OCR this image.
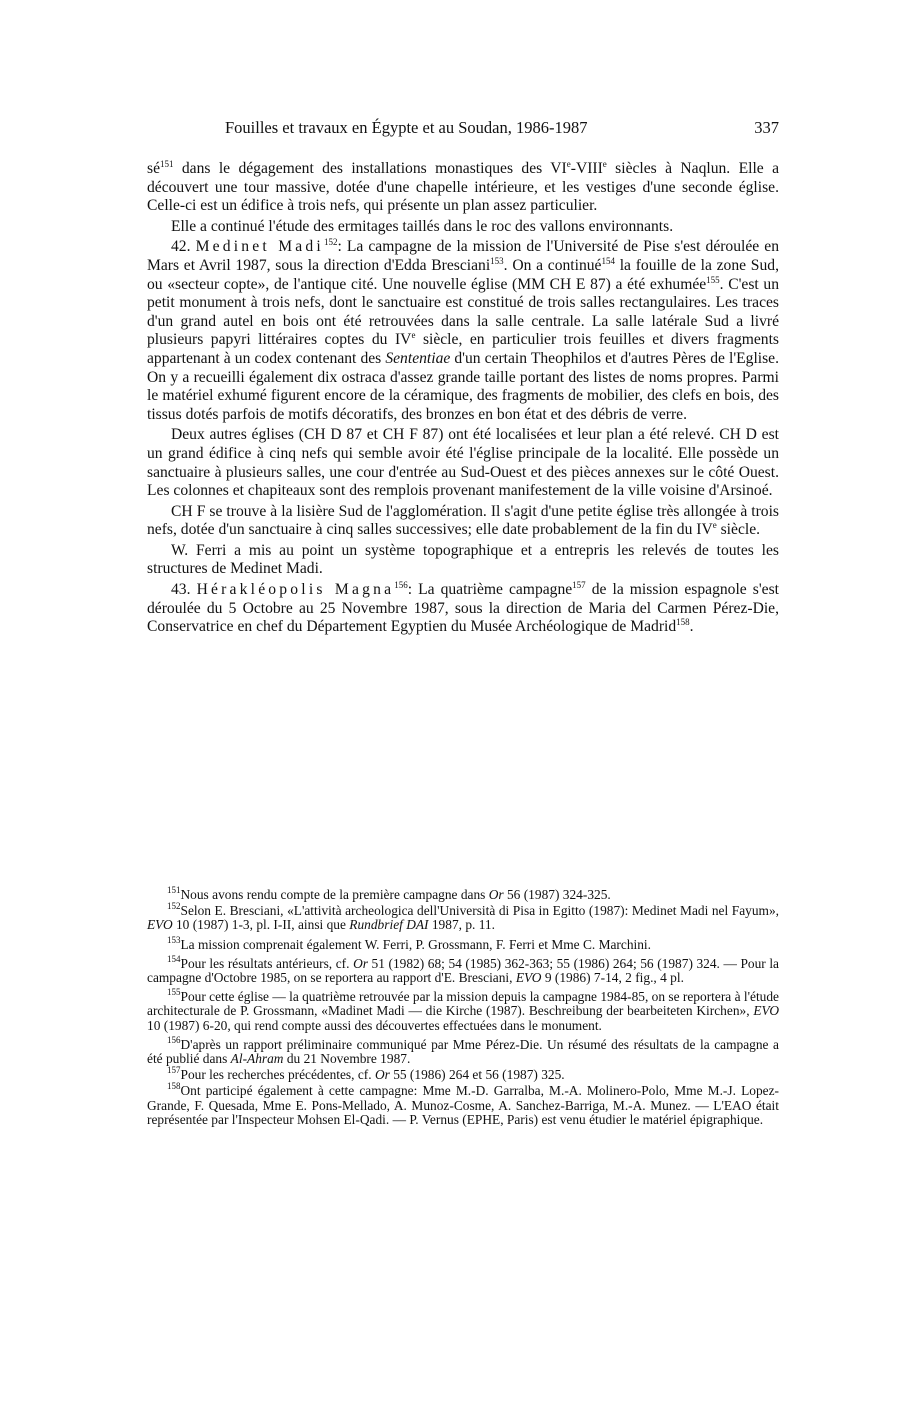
Fouilles et travaux en Égypte et au Soudan, 1986-1987	337

$sé^{151}$ dans le dégagement des installations monastiques des VIe-VIIIe siècles à Naqlun. Elle a découvert une tour massive, dotée d'une chapelle intérieure, et les vestiges d'une seconde église. Celle-ci est un édifice à trois nefs, qui présente un plan assez particulier.

Elle a continué l'étude des ermitages taillés dans le roc des vallons environnants.

42. Medinet Madi$^{152}$: La campagne de la mission de l'Université de Pise s'est déroulée en Mars et Avril 1987, sous la direction d'Edda Bresciani$^{153}$. On a continué$^{154}$ la fouille de la zone Sud, ou «secteur copte», de l'antique cité. Une nouvelle église (MM CH E 87) a été exhumée$^{155}$. C'est un petit monument à trois nefs, dont le sanctuaire est constitué de trois salles rectangulaires. Les traces d'un grand autel en bois ont été retrouvées dans la salle centrale. La salle latérale Sud a livré plusieurs papyri littéraires coptes du IVe siècle, en particulier trois feuilles et divers fragments appartenant à un codex contenant des Sententiae d'un certain Theophilos et d'autres Pères de l'Eglise. On y a recueilli également dix ostraca d'assez grande taille portant des listes de noms propres. Parmi le matériel exhumé figurent encore de la céramique, des fragments de mobilier, des clefs en bois, des tissus dotés parfois de motifs décoratifs, des bronzes en bon état et des débris de verre.

Deux autres églises (CH D 87 et CH F 87) ont été localisées et leur plan a été relevé. CH D est un grand édifice à cinq nefs qui semble avoir été l'église principale de la localité. Elle possède un sanctuaire à plusieurs salles, une cour d'entrée au Sud-Ouest et des pièces annexes sur le côté Ouest. Les colonnes et chapiteaux sont des remplois provenant manifestement de la ville voisine d'Arsinoé.

CH F se trouve à la lisière Sud de l'agglomération. Il s'agit d'une petite église très allongée à trois nefs, dotée d'un sanctuaire à cinq salles successives; elle date probablement de la fin du IVe siècle.

W. Ferri a mis au point un système topographique et a entrepris les relevés de toutes les structures de Medinet Madi.

43. Hérakléopolis Magna$^{156}$: La quatrième campagne$^{157}$ de la mission espagnole s'est déroulée du 5 Octobre au 25 Novembre 1987, sous la direction de Maria del Carmen Pérez-Die, Conservatrice en chef du Département Egyptien du Musée Archéologique de Madrid$^{158}$.

$^{151}$Nous avons rendu compte de la première campagne dans Or 56 (1987) 324-325.

$^{152}$Selon E. Bresciani, «L'attività archeologica dell'Università di Pisa in Egitto (1987): Medinet Madi nel Fayum», EVO 10 (1987) 1-3, pl. I-II, ainsi que Rundbrief DAI 1987, p. 11.

$^{153}$La mission comprenait également W. Ferri, P. Grossmann, F. Ferri et Mme C. Marchini.

$^{154}$Pour les résultats antérieurs, cf. Or 51 (1982) 68; 54 (1985) 362-363; 55 (1986) 264; 56 (1987) 324. — Pour la campagne d'Octobre 1985, on se reportera au rapport d'E. Bresciani, EVO 9 (1986) 7-14, 2 fig., 4 pl.

$^{155}$Pour cette église — la quatrième retrouvée par la mission depuis la campagne 1984-85, on se reportera à l'étude architecturale de P. Grossmann, «Madinet Madi — die Kirche (1987). Beschreibung der bearbeiteten Kirchen», EVO 10 (1987) 6-20, qui rend compte aussi des découvertes effectuées dans le monument.

$^{156}$D'après un rapport préliminaire communiqué par Mme Pérez-Die. Un résumé des résultats de la campagne a été publié dans Al-Ahram du 21 Novembre 1987.

$^{157}$Pour les recherches précédentes, cf. Or 55 (1986) 264 et 56 (1987) 325.

$^{158}$Ont participé également à cette campagne: Mme M.-D. Garralba, M.-A. Molinero-Polo, Mme M.-J. Lopez-Grande, F. Quesada, Mme E. Pons-Mellado, A. Munoz-Cosme, A. Sanchez-Barriga, M.-A. Munez. — L'EAO était représentée par l'Inspecteur Mohsen El-Qadi. — P. Vernus (EPHE, Paris) est venu étudier le matériel épigraphique.
